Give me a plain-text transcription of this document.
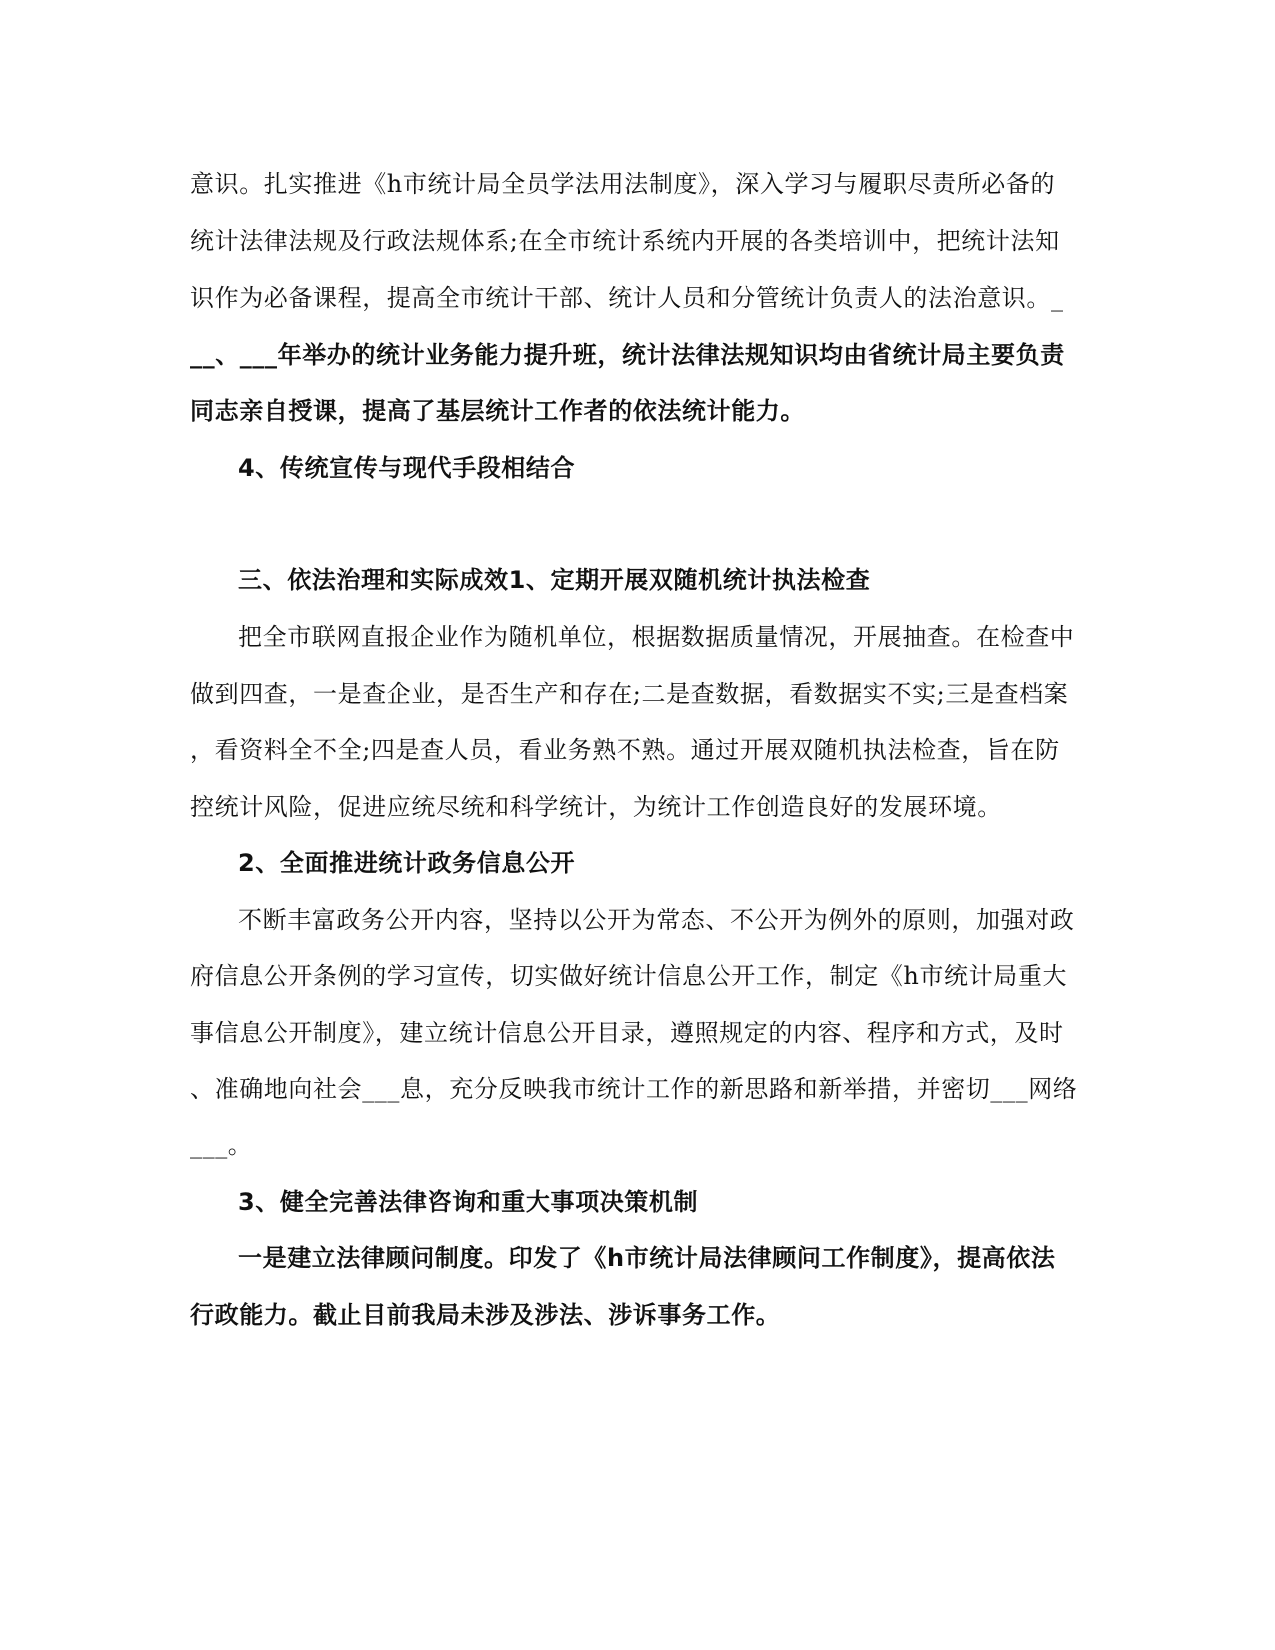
意识。扎实推进《h市统计局全员学法用法制度》，深入学习与履职尽责所必备的
统计法律法规及行政法规体系;在全市统计系统内开展的各类培训中，把统计法知
识作为必备课程，提高全市统计干部、统计人员和分管统计负责人的法治意识。_
__、___年举办的统计业务能力提升班，统计法律法规知识均由省统计局主要负责
同志亲自授课，提高了基层统计工作者的依法统计能力。
4、传统宣传与现代手段相结合
三、依法治理和实际成效1、定期开展双随机统计执法检查
把全市联网直报企业作为随机单位，根据数据质量情况，开展抽查。在检查中
做到四查，一是查企业，是否生产和存在;二是查数据，看数据实不实;三是查档案
，看资料全不全;四是查人员，看业务熟不熟。通过开展双随机执法检查，旨在防
控统计风险，促进应统尽统和科学统计，为统计工作创造良好的发展环境。
2、全面推进统计政务信息公开
不断丰富政务公开内容，坚持以公开为常态、不公开为例外的原则，加强对政
府信息公开条例的学习宣传，切实做好统计信息公开工作，制定《h市统计局重大
事信息公开制度》，建立统计信息公开目录，遵照规定的内容、程序和方式，及时
、准确地向社会___息，充分反映我市统计工作的新思路和新举措，并密切___网络
___。
3、健全完善法律咨询和重大事项决策机制
一是建立法律顾问制度。印发了《h市统计局法律顾问工作制度》，提高依法
行政能力。截止目前我局未涉及涉法、涉诉事务工作。
